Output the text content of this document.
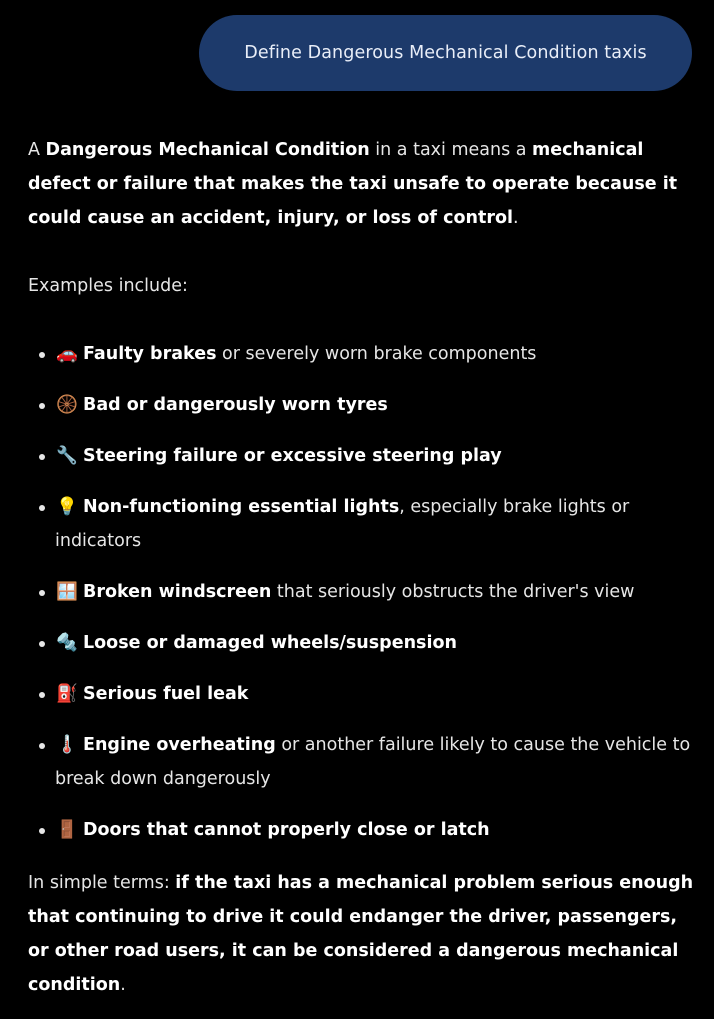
Define Dangerous Mechanical Condition taxis

A Dangerous Mechanical Condition in a taxi means a mechanical defect or failure that makes the taxi unsafe to operate because it could cause an accident, injury, or loss of control.

Examples include:

🚗 Faulty brakes or severely worn brake components
🛞 Bad or dangerously worn tyres
🔧 Steering failure or excessive steering play
💡 Non-functioning essential lights, especially brake lights or indicators
🪟 Broken windscreen that seriously obstructs the driver's view
🔩 Loose or damaged wheels/suspension
⛽ Serious fuel leak
🌡️ Engine overheating or another failure likely to cause the vehicle to break down dangerously
🚪 Doors that cannot properly close or latch

In simple terms: if the taxi has a mechanical problem serious enough that continuing to drive it could endanger the driver, passengers, or other road users, it can be considered a dangerous mechanical condition.
